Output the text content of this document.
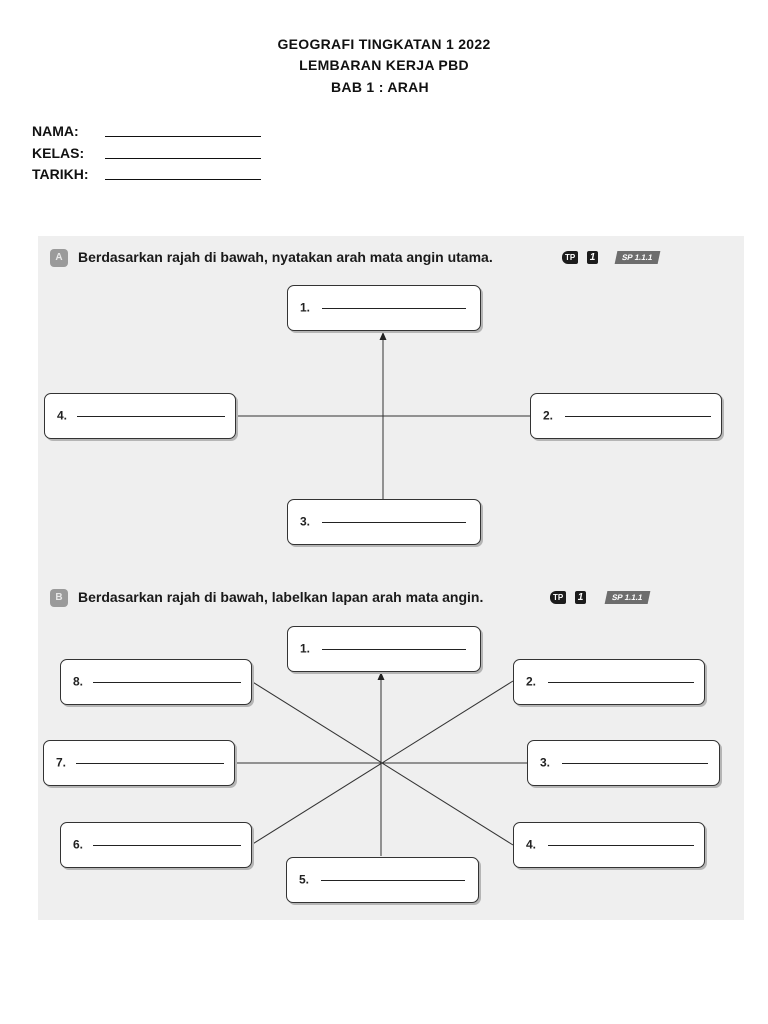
GEOGRAFI TINGKATAN 1 2022
LEMBARAN KERJA PBD
BAB 1 : ARAH
NAMA:
KELAS:
TARIKH:
A	Berdasarkan rajah di bawah, nyatakan arah mata angin utama.	TP	1	SP 1.1.1
1.
2.
3.
4.
B	Berdasarkan rajah di bawah, labelkan lapan arah mata angin.	TP	1	SP 1.1.1
1.
2.
3.
4.
5.
6.
7.
8.
